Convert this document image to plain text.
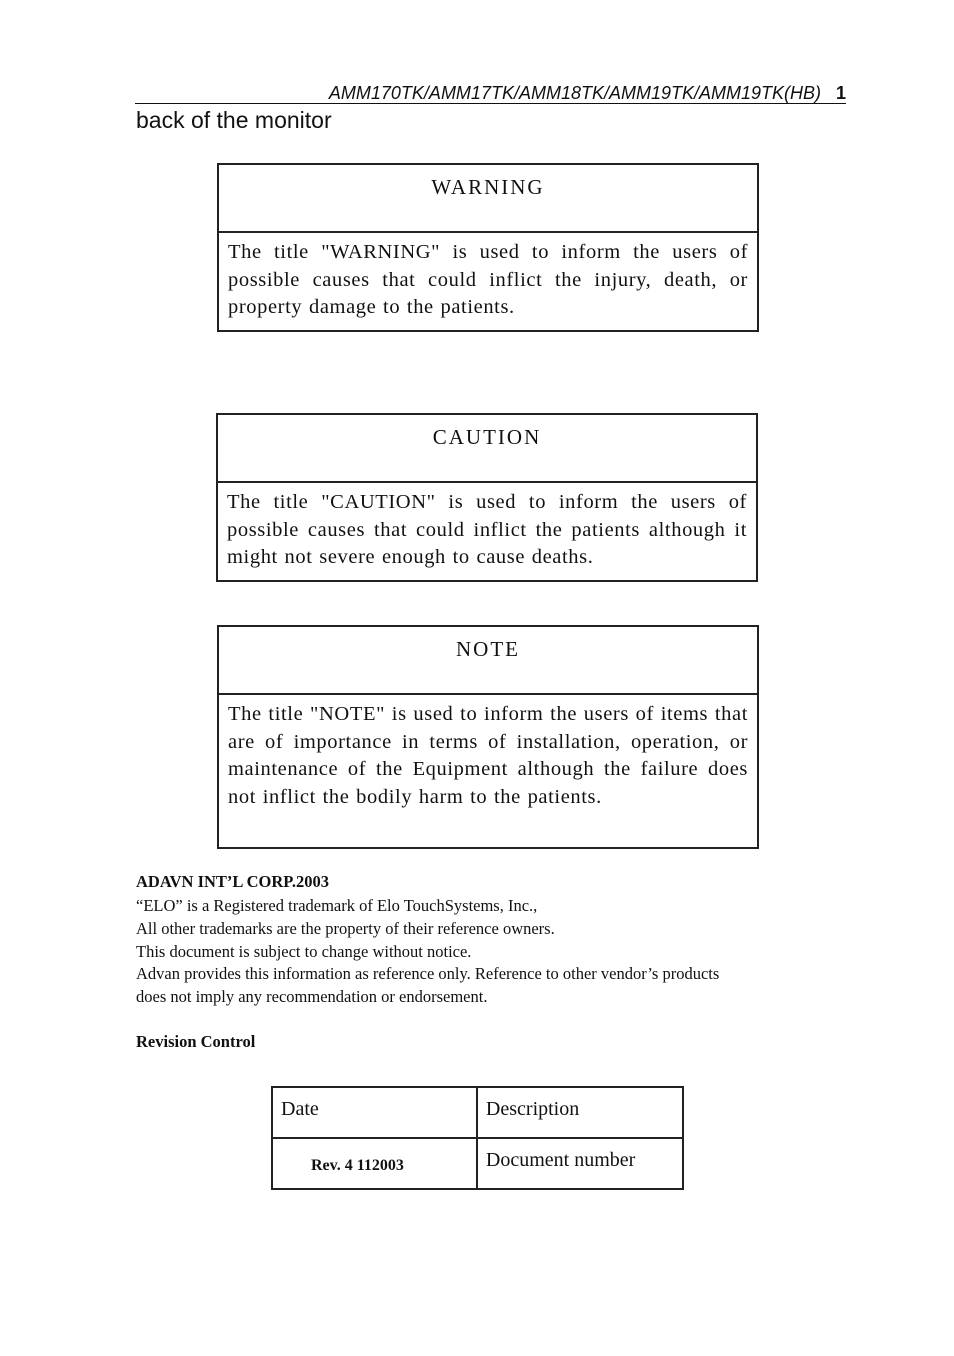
AMM170TK/AMM17TK/AMM18TK/AMM19TK/AMM19TK(HB) 1
back of the monitor
WARNING
The title "WARNING" is used to inform the users of possible causes that could inflict the injury, death, or property damage to the patients.
CAUTION
The title "CAUTION" is used to inform the users of possible causes that could inflict the patients although it might not severe enough to cause deaths.
NOTE
The title "NOTE" is used to inform the users of items that are of importance in terms of installation, operation, or maintenance of the Equipment although the failure does not inflict the bodily harm to the patients.
ADAVN INT’L CORP.2003
“ELO” is a Registered trademark of Elo TouchSystems, Inc.,
All other trademarks are the property of their reference owners.
This document is subject to change without notice.
Advan provides this information as reference only. Reference to other vendor’s products
does not imply any recommendation or endorsement.
Revision Control
Date	Description
Rev. 4 112003	Document number
